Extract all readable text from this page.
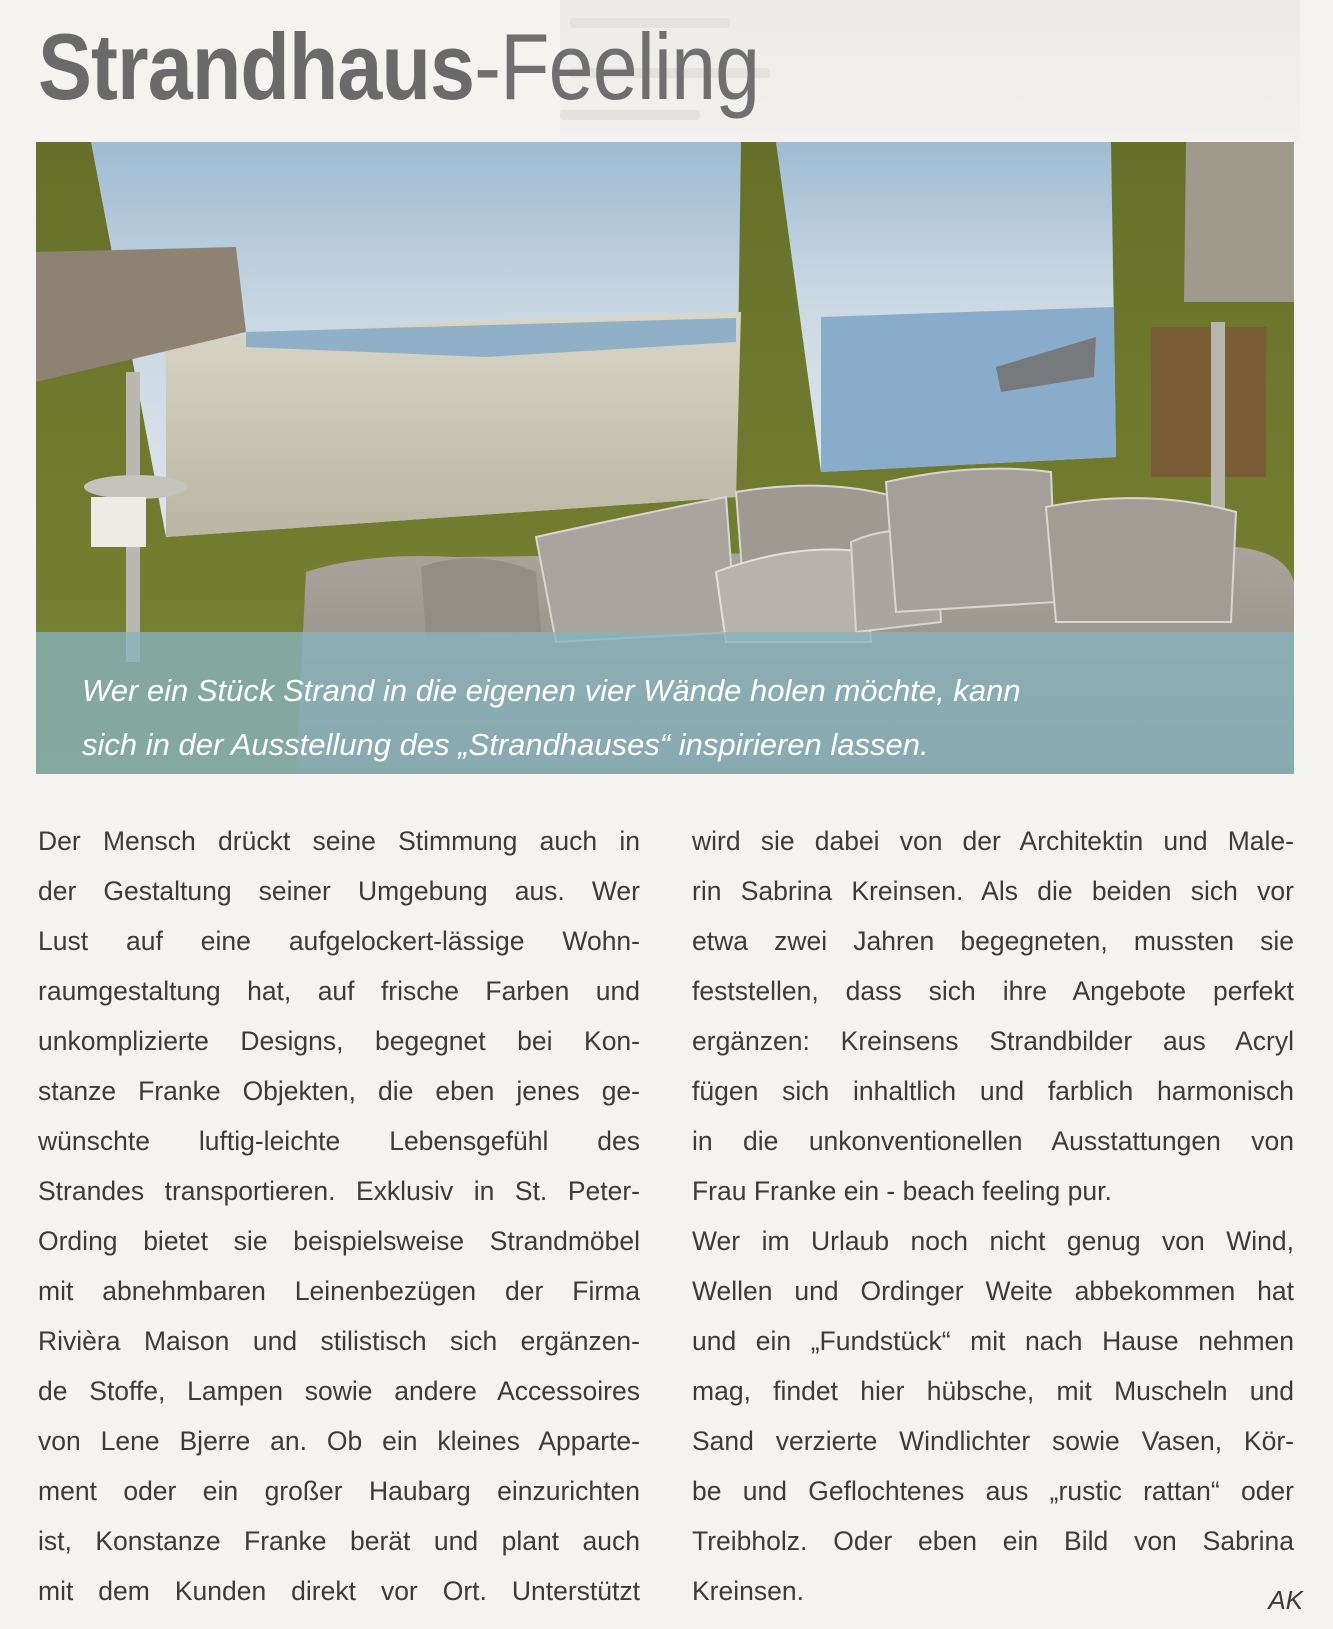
Strandhaus-Feeling
Wer ein Stück Strand in die eigenen vier Wände holen möchte, kann
sich in der Ausstellung des „Strandhauses“ inspirieren lassen.
Der Mensch drückt seine Stimmung auch in
der Gestaltung seiner Umgebung aus. Wer
Lust auf eine aufgelockert-lässige Wohn-
raumgestaltung hat, auf frische Farben und
unkomplizierte Designs, begegnet bei Kon-
stanze Franke Objekten, die eben jenes ge-
wünschte luftig-leichte Lebensgefühl des
Strandes transportieren. Exklusiv in St. Peter-
Ording bietet sie beispielsweise Strandmöbel
mit abnehmbaren Leinenbezügen der Firma
Rivièra Maison und stilistisch sich ergänzen-
de Stoffe, Lampen sowie andere Accessoires
von Lene Bjerre an. Ob ein kleines Apparte-
ment oder ein großer Haubarg einzurichten
ist, Konstanze Franke berät und plant auch
mit dem Kunden direkt vor Ort. Unterstützt
wird sie dabei von der Architektin und Male-
rin Sabrina Kreinsen. Als die beiden sich vor
etwa zwei Jahren begegneten, mussten sie
feststellen, dass sich ihre Angebote perfekt
ergänzen: Kreinsens Strandbilder aus Acryl
fügen sich inhaltlich und farblich harmonisch
in die unkonventionellen Ausstattungen von
Frau Franke ein - beach feeling pur.
Wer im Urlaub noch nicht genug von Wind,
Wellen und Ordinger Weite abbekommen hat
und ein „Fundstück“ mit nach Hause nehmen
mag, findet hier hübsche, mit Muscheln und
Sand verzierte Windlichter sowie Vasen, Kör-
be und Geflochtenes aus „rustic rattan“ oder
Treibholz. Oder eben ein Bild von Sabrina
Kreinsen.	AK
